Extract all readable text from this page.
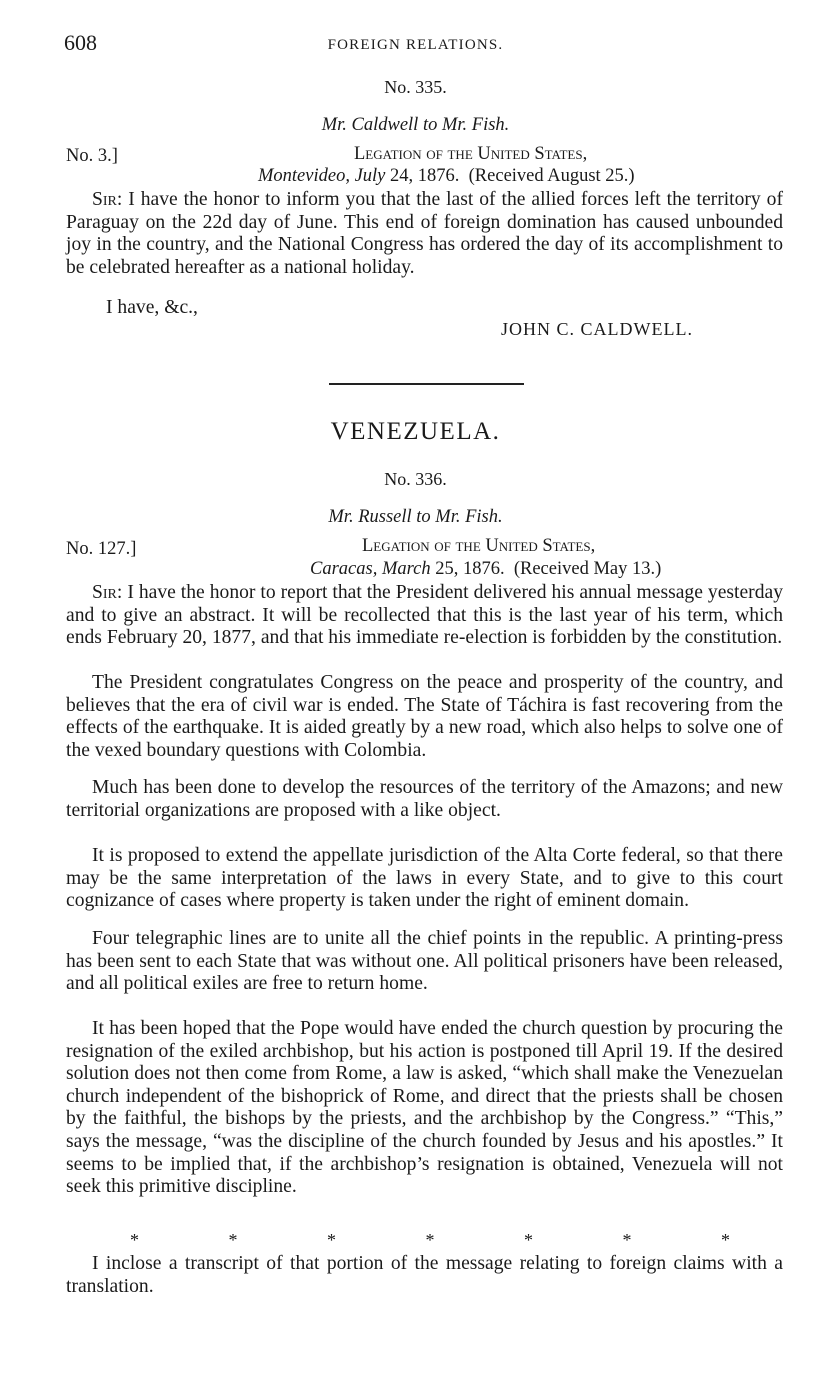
608	FOREIGN RELATIONS.
No. 335.
Mr. Caldwell to Mr. Fish.
No. 3.]	Legation of the United States,
Montevideo, July 24, 1876. (Received August 25.)
Sir: I have the honor to inform you that the last of the allied forces left the territory of Paraguay on the 22d day of June. This end of foreign domination has caused unbounded joy in the country, and the National Congress has ordered the day of its accomplishment to be celebrated hereafter as a national holiday.
I have, &c.,
JOHN C. CALDWELL.
VENEZUELA.
No. 336.
Mr. Russell to Mr. Fish.
No. 127.]	Legation of the United States,
Caracas, March 25, 1876. (Received May 13.)
Sir: I have the honor to report that the President delivered his annual message yesterday and to give an abstract. It will be recollected that this is the last year of his term, which ends February 20, 1877, and that his immediate re-election is forbidden by the constitution.
The President congratulates Congress on the peace and prosperity of the country, and believes that the era of civil war is ended. The State of Táchira is fast recovering from the effects of the earthquake. It is aided greatly by a new road, which also helps to solve one of the vexed boundary questions with Colombia.
Much has been done to develop the resources of the territory of the Amazons; and new territorial organizations are proposed with a like object.
It is proposed to extend the appellate jurisdiction of the Alta Corte federal, so that there may be the same interpretation of the laws in every State, and to give to this court cognizance of cases where property is taken under the right of eminent domain.
Four telegraphic lines are to unite all the chief points in the republic. A printing-press has been sent to each State that was without one. All political prisoners have been released, and all political exiles are free to return home.
It has been hoped that the Pope would have ended the church question by procuring the resignation of the exiled archbishop, but his action is postponed till April 19. If the desired solution does not then come from Rome, a law is asked, “which shall make the Venezuelan church independent of the bishoprick of Rome, and direct that the priests shall be chosen by the faithful, the bishops by the priests, and the archbishop by the Congress.” “This,” says the message, “was the discipline of the church founded by Jesus and his apostles.” It seems to be implied that, if the archbishop’s resignation is obtained, Venezuela will not seek this primitive discipline.
*	*	*	*	*	*	*
I inclose a transcript of that portion of the message relating to foreign claims with a translation.
